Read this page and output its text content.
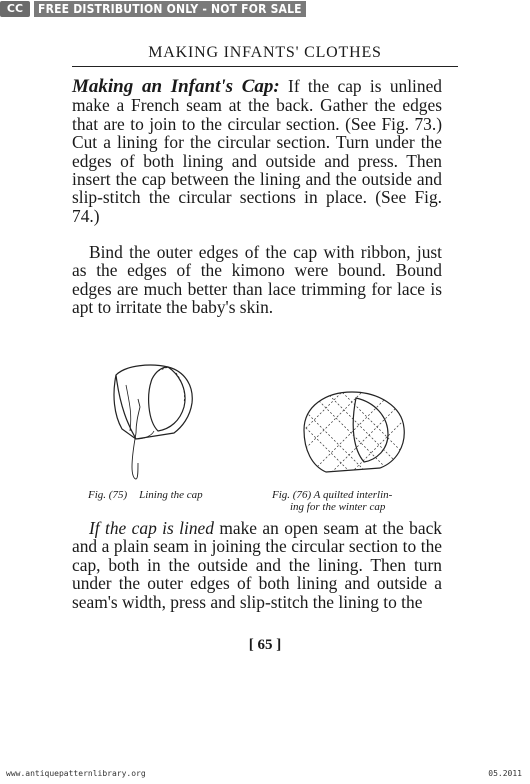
CC	FREE DISTRIBUTION ONLY - NOT FOR SALE
MAKING INFANTS' CLOTHES
Making an Infant's Cap: If the cap is unlined make a French seam at the back. Gather the edges that are to join to the circular section. (See Fig. 73.) Cut a lining for the circular section. Turn under the edges of both lining and outside and press. Then insert the cap between the lining and the outside and slip-stitch the circular sections in place. (See Fig. 74.)
Bind the outer edges of the cap with ribbon, just as the edges of the kimono were bound. Bound edges are much better than lace trimming for lace is apt to irritate the baby's skin.
Fig. (75) Lining the cap	Fig. (76) A quilted interlin-
ing for the winter cap
If the cap is lined make an open seam at the back and a plain seam in joining the circular section to the cap, both in the outside and the lining. Then turn under the outer edges of both lining and outside a seam's width, press and slip-stitch the lining to the
[ 65 ]
www.antiquepatternlibrary.org	05.2011
